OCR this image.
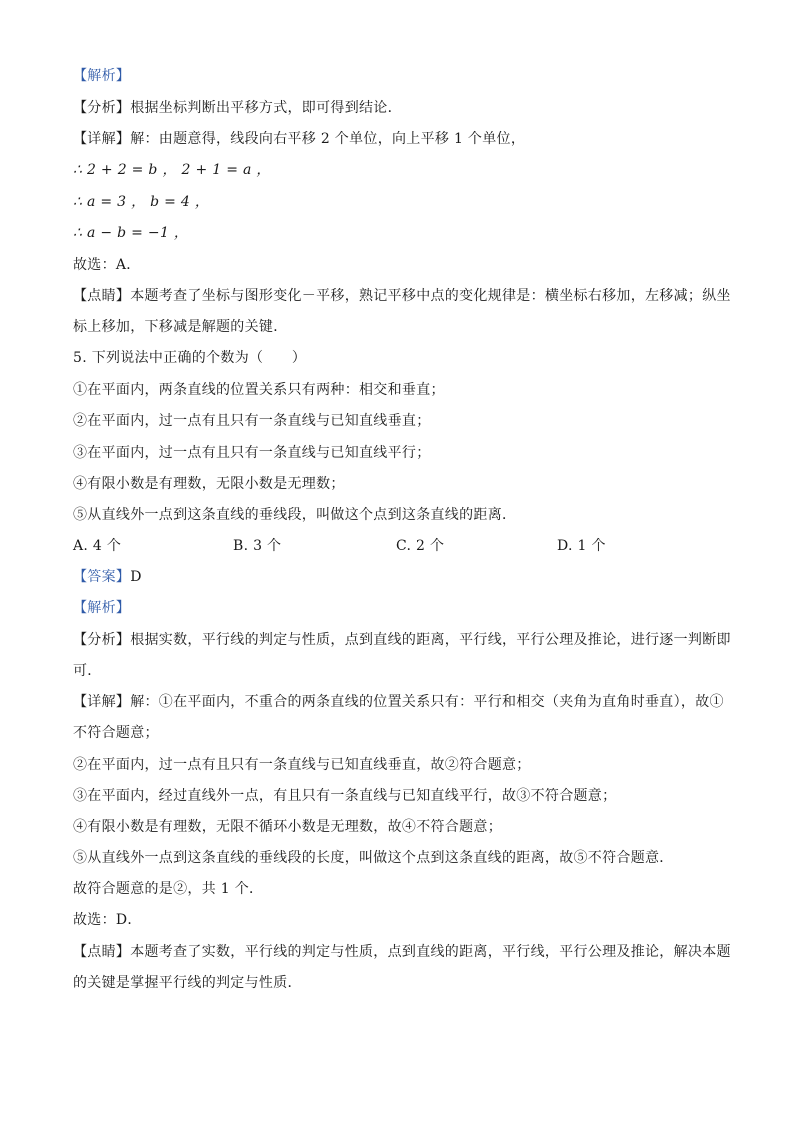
【解析】
【分析】根据坐标判断出平移方式，即可得到结论．
【详解】解：由题意得，线段向右平移 2 个单位，向上平移 1 个单位，
∴ 2 + 2 = b ， 2 + 1 = a ，
∴ a = 3 ， b = 4 ，
∴ a − b = −1 ，
故选：A．
【点睛】本题考查了坐标与图形变化－平移，熟记平移中点的变化规律是：横坐标右移加，左移减；纵坐
标上移加，下移减是解题的关键．
5. 下列说法中正确的个数为（　　）
①在平面内，两条直线的位置关系只有两种：相交和垂直；
②在平面内，过一点有且只有一条直线与已知直线垂直；
③在平面内，过一点有且只有一条直线与已知直线平行；
④有限小数是有理数，无限小数是无理数；
⑤从直线外一点到这条直线的垂线段，叫做这个点到这条直线的距离．
A. 4 个	B. 3 个	C. 2 个	D. 1 个
【答案】D
【解析】
【分析】根据实数，平行线的判定与性质，点到直线的距离，平行线，平行公理及推论，进行逐一判断即
可．
【详解】解：①在平面内，不重合的两条直线的位置关系只有：平行和相交（夹角为直角时垂直），故①
不符合题意；
②在平面内，过一点有且只有一条直线与已知直线垂直，故②符合题意；
③在平面内，经过直线外一点，有且只有一条直线与已知直线平行，故③不符合题意；
④有限小数是有理数，无限不循环小数是无理数，故④不符合题意；
⑤从直线外一点到这条直线的垂线段的长度，叫做这个点到这条直线的距离，故⑤不符合题意．
故符合题意的是②，共 1 个．
故选：D．
【点睛】本题考查了实数，平行线的判定与性质，点到直线的距离，平行线，平行公理及推论，解决本题
的关键是掌握平行线的判定与性质．
